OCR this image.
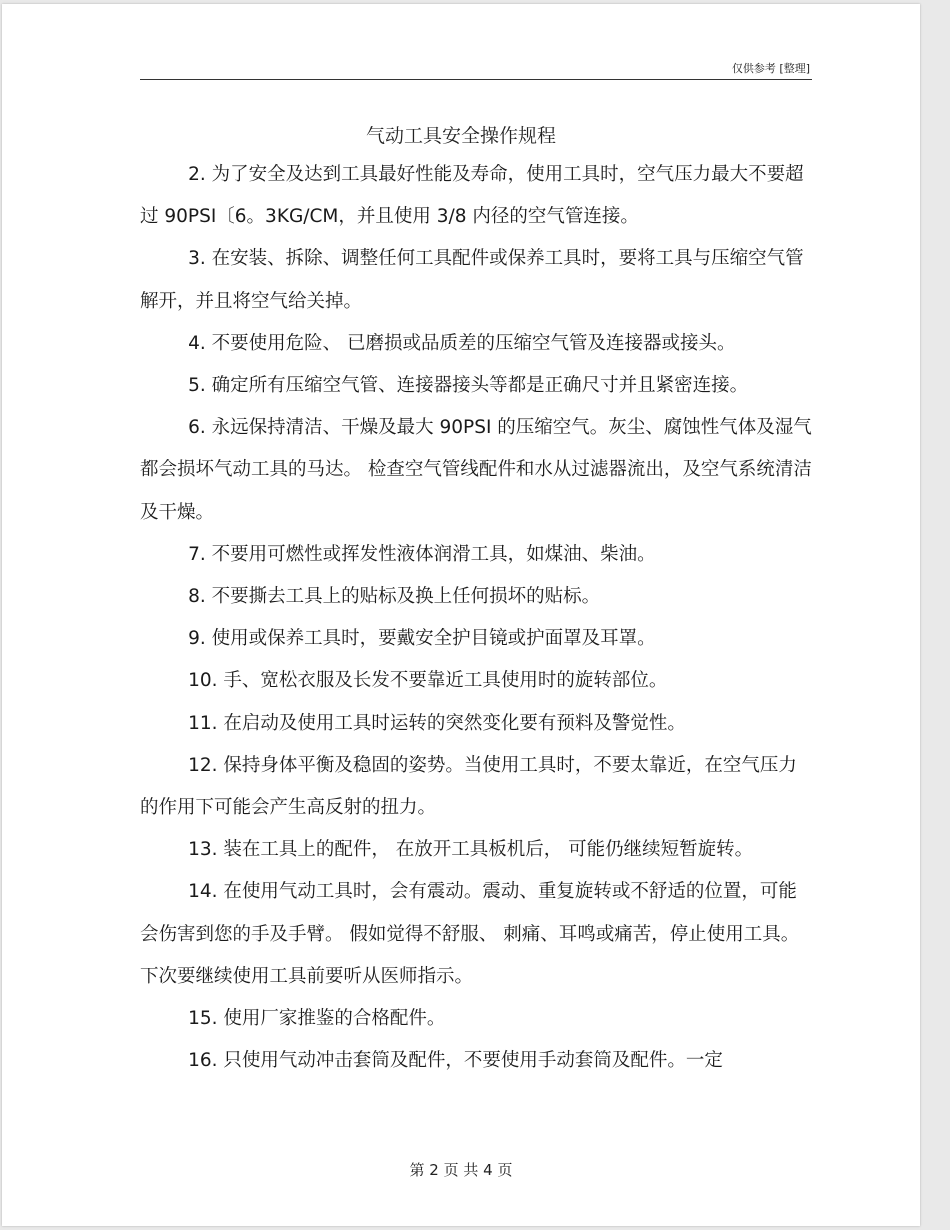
仅供参考 [整理]
气动工具安全操作规程

2. 为了安全及达到工具最好性能及寿命，使用工具时，空气压力最大不要超过 90PSI〔6。3KG/CM，并且使用 3/8 内径的空气管连接。

3. 在安装、拆除、调整任何工具配件或保养工具时，要将工具与压缩空气管解开，并且将空气给关掉。

4. 不要使用危险、 已磨损或品质差的压缩空气管及连接器或接头。

5. 确定所有压缩空气管、连接器接头等都是正确尺寸并且紧密连接。

6. 永远保持清洁、干燥及最大 90PSI 的压缩空气。灰尘、腐蚀性气体及湿气都会损坏气动工具的马达。 检查空气管线配件和水从过滤器流出，及空气系统清洁及干燥。

7. 不要用可燃性或挥发性液体润滑工具，如煤油、柴油。

8. 不要撕去工具上的贴标及换上任何损坏的贴标。

9. 使用或保养工具时，要戴安全护目镜或护面罩及耳罩。

10. 手、宽松衣服及长发不要靠近工具使用时的旋转部位。

11. 在启动及使用工具时运转的突然变化要有预料及警觉性。

12. 保持身体平衡及稳固的姿势。当使用工具时，不要太靠近，在空气压力的作用下可能会产生高反射的扭力。

13. 装在工具上的配件， 在放开工具板机后， 可能仍继续短暂旋转。

14. 在使用气动工具时，会有震动。震动、重复旋转或不舒适的位置，可能会伤害到您的手及手臂。 假如觉得不舒服、 刺痛、耳鸣或痛苦，停止使用工具。下次要继续使用工具前要听从医师指示。

15. 使用厂家推鉴的合格配件。

16. 只使用气动冲击套筒及配件，不要使用手动套筒及配件。一定

第 2 页 共 4 页
